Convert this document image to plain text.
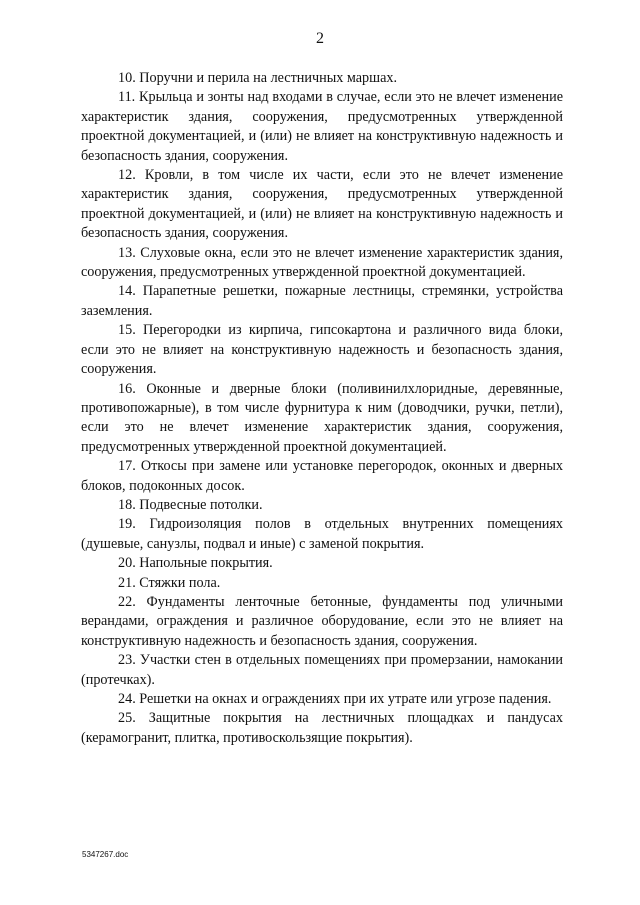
2

10. Поручни и перила на лестничных маршах.

11. Крыльца и зонты над входами в случае, если это не влечет изменение характеристик здания, сооружения, предусмотренных утвержденной проектной документацией, и (или) не влияет на конструктивную надежность и безопасность здания, сооружения.

12. Кровли, в том числе их части, если это не влечет изменение характеристик здания, сооружения, предусмотренных утвержденной проектной документацией, и (или) не влияет на конструктивную надежность и безопасность здания, сооружения.

13. Слуховые окна, если это не влечет изменение характеристик здания, сооружения, предусмотренных утвержденной проектной документацией.

14. Парапетные решетки, пожарные лестницы, стремянки, устройства заземления.

15. Перегородки из кирпича, гипсокартона и различного вида блоки, если это не влияет на конструктивную надежность и безопасность здания, сооружения.

16. Оконные и дверные блоки (поливинилхлоридные, деревянные, противопожарные), в том числе фурнитура к ним (доводчики, ручки, петли), если это не влечет изменение характеристик здания, сооружения, предусмотренных утвержденной проектной документацией.

17. Откосы при замене или установке перегородок, оконных и дверных блоков, подоконных досок.

18. Подвесные потолки.

19. Гидроизоляция полов в отдельных внутренних помещениях (душевые, санузлы, подвал и иные) с заменой покрытия.

20. Напольные покрытия.

21. Стяжки пола.

22. Фундаменты ленточные бетонные, фундаменты под уличными верандами, ограждения и различное оборудование, если это не влияет на конструктивную надежность и безопасность здания, сооружения.

23. Участки стен в отдельных помещениях при промерзании, намокании (протечках).

24. Решетки на окнах и ограждениях при их утрате или угрозе падения.

25. Защитные покрытия на лестничных площадках и пандусах (керамогранит, плитка, противоскользящие покрытия).

5347267.doc
